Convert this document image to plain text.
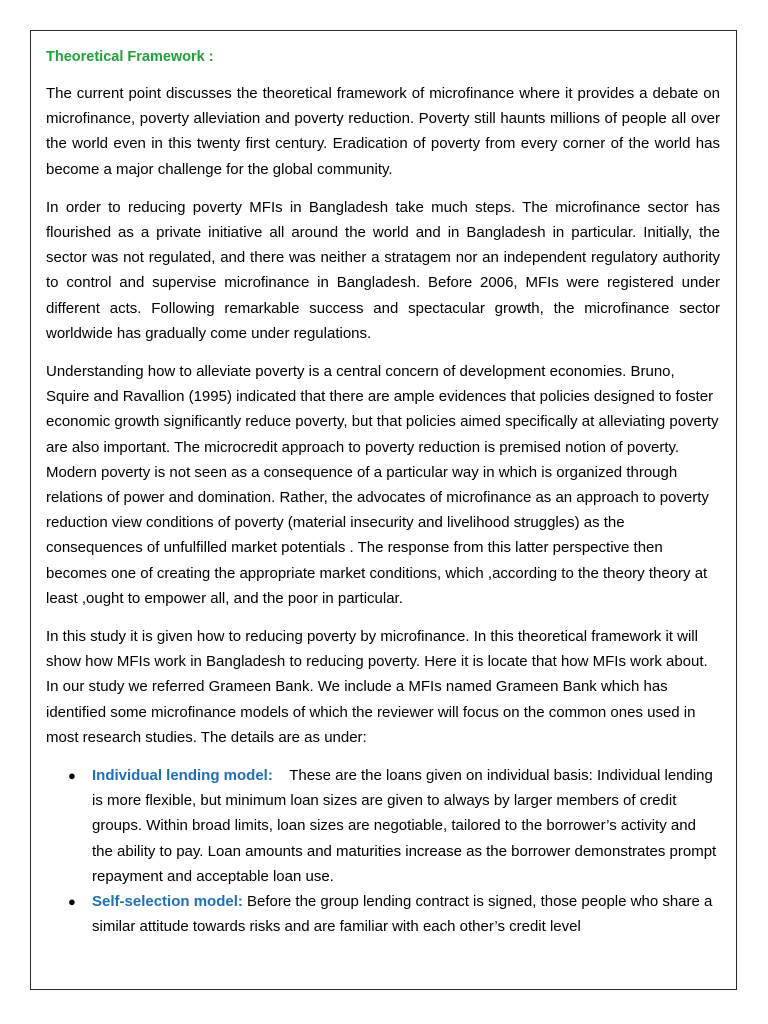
Theoretical Framework :

The current point discusses the theoretical framework of microfinance where it provides a debate on microfinance, poverty alleviation and poverty reduction. Poverty still haunts millions of people all over the world even in this twenty first century. Eradication of poverty from every corner of the world has become a major challenge for the global community.

In order to reducing poverty MFIs in Bangladesh take much steps. The microfinance sector has flourished as a private initiative all around the world and in Bangladesh in particular. Initially, the sector was not regulated, and there was neither a stratagem nor an independent regulatory authority to control and supervise microfinance in Bangladesh. Before 2006, MFIs were registered under different acts. Following remarkable success and spectacular growth, the microfinance sector worldwide has gradually come under regulations.

Understanding how to alleviate poverty is a central concern of development economies. Bruno, Squire and Ravallion (1995) indicated that there are ample evidences that policies designed to foster economic growth significantly reduce poverty, but that policies aimed specifically at alleviating poverty are also important. The microcredit approach to poverty reduction is premised notion of poverty. Modern poverty is not seen as a consequence of a particular way in which is organized through relations of power and domination. Rather, the advocates of microfinance as an approach to poverty reduction view conditions of poverty (material insecurity and livelihood struggles) as the consequences of unfulfilled market potentials . The response from this latter perspective then becomes one of creating the appropriate market conditions, which ,according to the theory theory at least ,ought to empower all, and the poor in particular.

In this study it is given how to reducing poverty by microfinance. In this theoretical framework it will show how MFIs work in Bangladesh to reducing poverty. Here it is locate that how MFIs work about. In our study we referred Grameen Bank. We include a MFIs named Grameen Bank which has identified some microfinance models of which the reviewer will focus on the common ones used in most research studies. The details are as under:

● Individual lending model: These are the loans given on individual basis: Individual lending is more flexible, but minimum loan sizes are given to always by larger members of credit groups. Within broad limits, loan sizes are negotiable, tailored to the borrower’s activity and the ability to pay. Loan amounts and maturities increase as the borrower demonstrates prompt repayment and acceptable loan use.
● Self-selection model: Before the group lending contract is signed, those people who share a similar attitude towards risks and are familiar with each other’s credit level
